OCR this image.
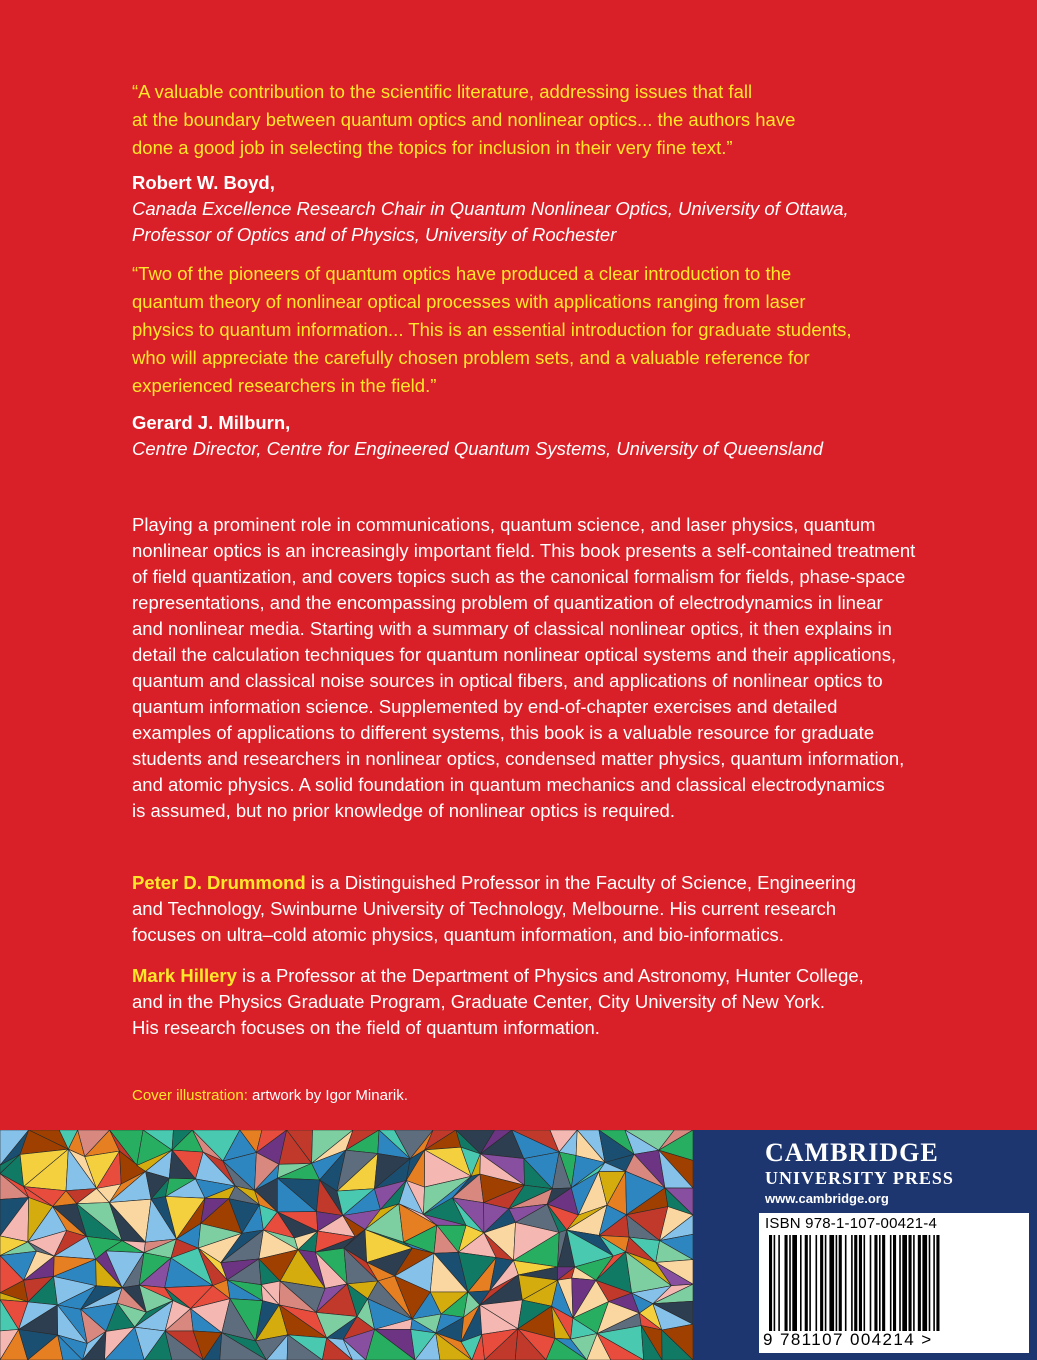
“A valuable contribution to the scientific literature, addressing issues that fall
at the boundary between quantum optics and nonlinear optics... the authors have
done a good job in selecting the topics for inclusion in their very fine text.”

Robert W. Boyd,
Canada Excellence Research Chair in Quantum Nonlinear Optics, University of Ottawa,
Professor of Optics and of Physics, University of Rochester

“Two of the pioneers of quantum optics have produced a clear introduction to the
quantum theory of nonlinear optical processes with applications ranging from laser
physics to quantum information... This is an essential introduction for graduate students,
who will appreciate the carefully chosen problem sets, and a valuable reference for
experienced researchers in the field.”

Gerard J. Milburn,
Centre Director, Centre for Engineered Quantum Systems, University of Queensland
Playing a prominent role in communications, quantum science, and laser physics, quantum
nonlinear optics is an increasingly important field. This book presents a self-contained treatment
of field quantization, and covers topics such as the canonical formalism for fields, phase-space
representations, and the encompassing problem of quantization of electrodynamics in linear
and nonlinear media. Starting with a summary of classical nonlinear optics, it then explains in
detail the calculation techniques for quantum nonlinear optical systems and their applications,
quantum and classical noise sources in optical fibers, and applications of nonlinear optics to
quantum information science. Supplemented by end-of-chapter exercises and detailed
examples of applications to different systems, this book is a valuable resource for graduate
students and researchers in nonlinear optics, condensed matter physics, quantum information,
and atomic physics. A solid foundation in quantum mechanics and classical electrodynamics
is assumed, but no prior knowledge of nonlinear optics is required.
Peter D. Drummond is a Distinguished Professor in the Faculty of Science, Engineering
and Technology, Swinburne University of Technology, Melbourne. His current research
focuses on ultra–cold atomic physics, quantum information, and bio-informatics.
Mark Hillery is a Professor at the Department of Physics and Astronomy, Hunter College,
and in the Physics Graduate Program, Graduate Center, City University of New York.
His research focuses on the field of quantum information.
Cover illustration: artwork by Igor Minarik.
CAMBRIDGE
UNIVERSITY PRESS
www.cambridge.org
ISBN 978-1-107-00421-4
9 781107 004214 >
